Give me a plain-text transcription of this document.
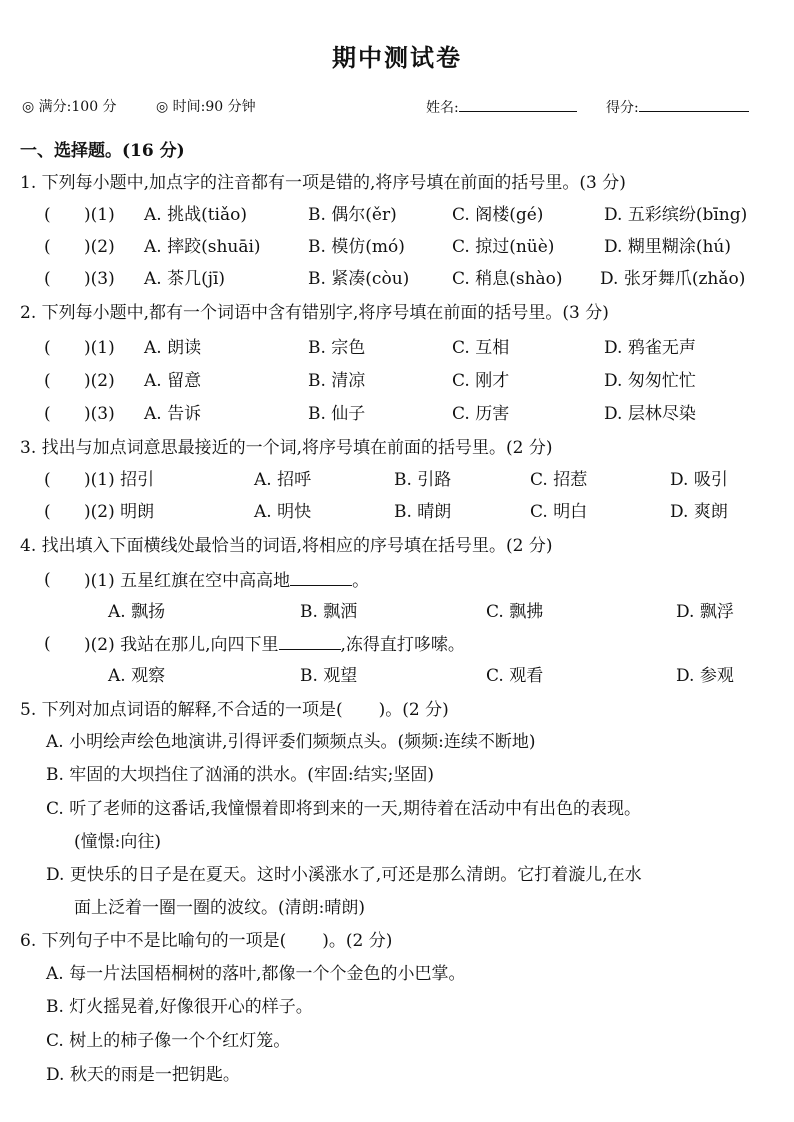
期中测试卷
◎ 满分:100 分	◎ 时间:90 分钟	姓名:	得分:
一、选择题。(16 分)
1. 下列每小题中,加点字的注音都有一项是错的,将序号填在前面的括号里。(3 分)
(	)(1) A. 挑战(tiǎo)	B. 偶尔(ěr)	C. 阁楼(gé)	D. 五彩缤纷(bīng)
(	)(2) A. 摔跤(shuāi)	B. 模仿(mó)	C. 掠过(nüè)	D. 糊里糊涂(hú)
(	)(3) A. 茶几(jī)	B. 紧凑(còu)	C. 稍息(shào) D. 张牙舞爪(zhǎo)
2. 下列每小题中,都有一个词语中含有错别字,将序号填在前面的括号里。(3 分)
(	)(1) A. 朗读	B. 宗色	C. 互相	D. 鸦雀无声
(	)(2) A. 留意	B. 清凉	C. 刚才	D. 匆匆忙忙
(	)(3) A. 告诉	B. 仙子	C. 历害	D. 层林尽染
3. 找出与加点词意思最接近的一个词,将序号填在前面的括号里。(2 分)
(	)(1) 招引	A. 招呼	B. 引路	C. 招惹	D. 吸引
(	)(2) 明朗	A. 明快	B. 晴朗	C. 明白	D. 爽朗
4. 找出填入下面横线处最恰当的词语,将相应的序号填在括号里。(2 分)
(	)(1) 五星红旗在空中高高地	。
A. 飘扬	B. 飘洒	C. 飘拂	D. 飘浮
(	)(2) 我站在那儿,向四下里	,冻得直打哆嗦。
A. 观察	B. 观望	C. 观看	D. 参观
5. 下列对加点词语的解释,不合适的一项是( )。(2 分)
A. 小明绘声绘色地演讲,引得评委们频频点头。(频频:连续不断地)
B. 牢固的大坝挡住了汹涌的洪水。(牢固:结实;坚固)
C. 听了老师的这番话,我憧憬着即将到来的一天,期待着在活动中有出色的表现。
(憧憬:向往)
D. 更快乐的日子是在夏天。这时小溪涨水了,可还是那么清朗。它打着漩儿,在水
面上泛着一圈一圈的波纹。(清朗:晴朗)
6. 下列句子中不是比喻句的一项是( )。(2 分)
A. 每一片法国梧桐树的落叶,都像一个个金色的小巴掌。
B. 灯火摇晃着,好像很开心的样子。
C. 树上的柿子像一个个红灯笼。
D. 秋天的雨是一把钥匙。
